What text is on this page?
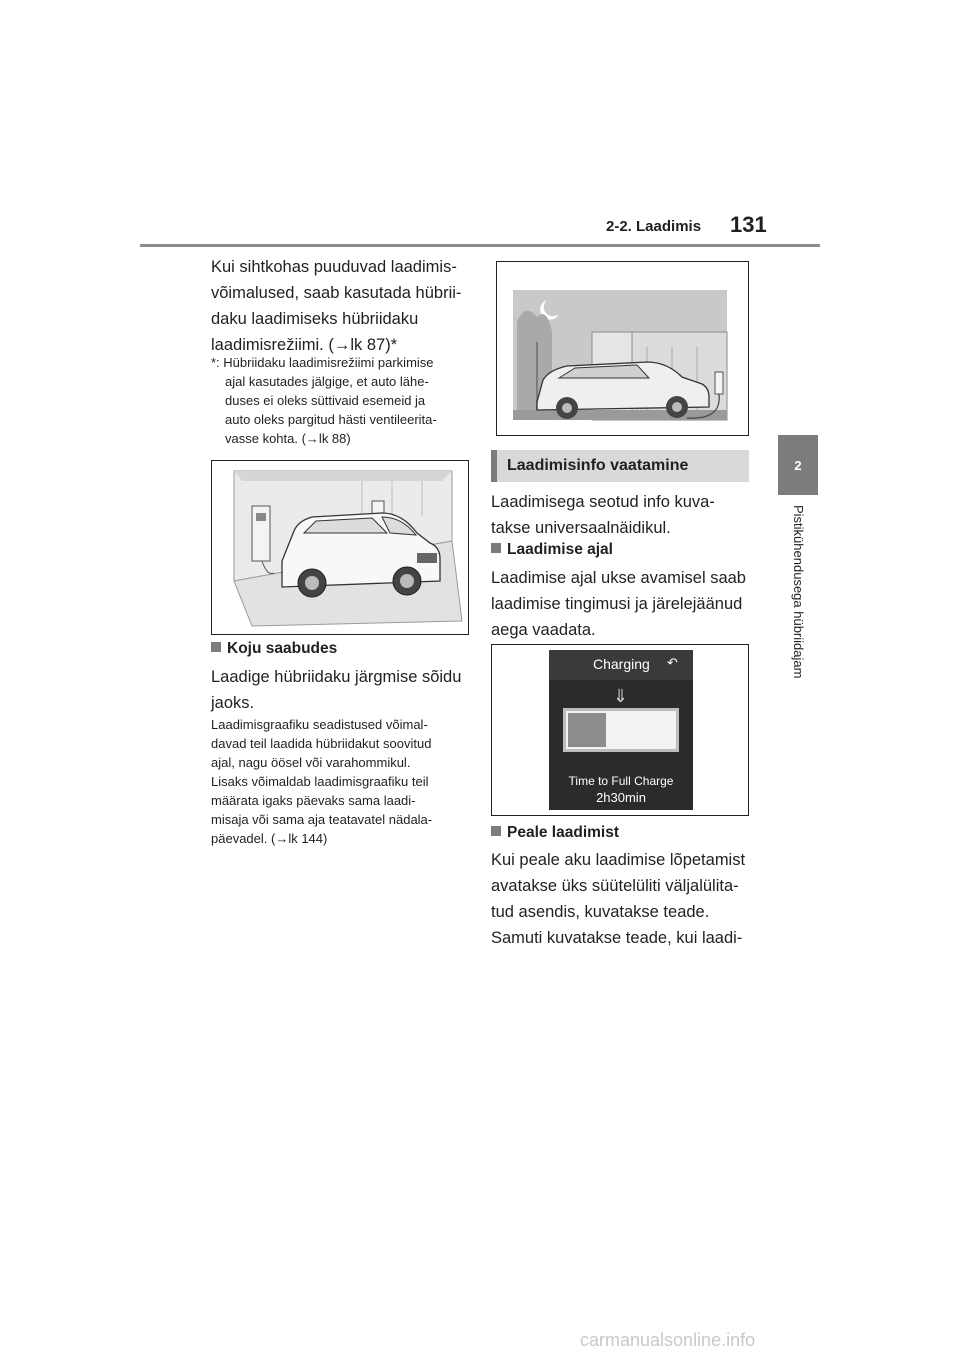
2-2. Laadimis 131
2
Pistikühendusega hübriidajam
Kui sihtkohas puuduvad laadimis-
võimalused, saab kasutada hübrii-
daku laadimiseks hübriidaku
laadimisrežiimi. (→lk 87)*
*: Hübriidaku laadimisrežiimi parkimise
ajal kasutades jälgige, et auto lähe-
duses ei oleks süttivaid esemeid ja
auto oleks pargitud hästi ventileerita-
vasse kohta. (→lk 88)
Koju saabudes
Laadige hübriidaku järgmise sõidu
jaoks.
Laadimisgraafiku seadistused võimal-
davad teil laadida hübriidakut soovitud
ajal, nagu öösel või varahommikul.
Lisaks võimaldab laadimisgraafiku teil
määrata igaks päevaks sama laadi-
misaja või sama aja teatavatel nädala-
päevadel. (→lk 144)
Laadimisinfo vaatamine
Laadimisega seotud info kuva-
takse universaalnäidikul.
Laadimise ajal
Laadimise ajal ukse avamisel saab
laadimise tingimusi ja järelejäänud
aega vaadata.
Charging ↶
⇓
Time to Full Charge
2h30min
Peale laadimist
Kui peale aku laadimise lõpetamist
avatakse üks süütelüliti väljalülita-
tud asendis, kuvatakse teade.
Samuti kuvatakse teade, kui laadi-
carmanualsonline.info
